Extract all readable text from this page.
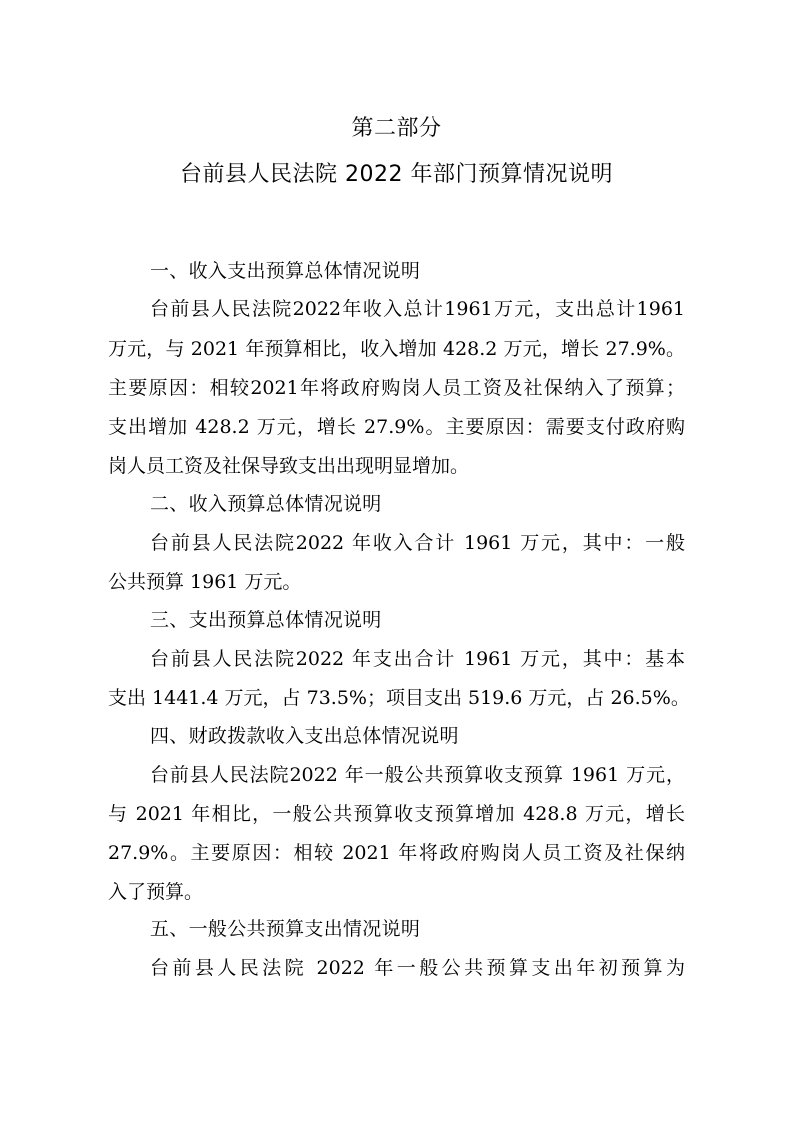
第二部分
台前县人民法院 2022 年部门预算情况说明
一、收入支出预算总体情况说明
台前县人民法院2022年收入总计1961万元，支出总计1961
万元，与 2021 年预算相比，收入增加 428.2 万元，增长 27.9%。
主要原因：相较2021年将政府购岗人员工资及社保纳入了预算；
支出增加 428.2 万元，增长 27.9%。主要原因：需要支付政府购
岗人员工资及社保导致支出出现明显增加。
二、收入预算总体情况说明
台前县人民法院2022 年收入合计 1961 万元，其中：一般
公共预算 1961 万元。
三、支出预算总体情况说明
台前县人民法院2022 年支出合计 1961 万元，其中：基本
支出 1441.4 万元，占 73.5%；项目支出 519.6 万元，占 26.5%。
四、财政拨款收入支出总体情况说明
台前县人民法院2022 年一般公共预算收支预算 1961 万元，
与 2021 年相比，一般公共预算收支预算增加 428.8 万元，增长
27.9%。主要原因：相较 2021 年将政府购岗人员工资及社保纳
入了预算。
五、一般公共预算支出情况说明
台前县人民法院 2022 年一般公共预算支出年初预算为
